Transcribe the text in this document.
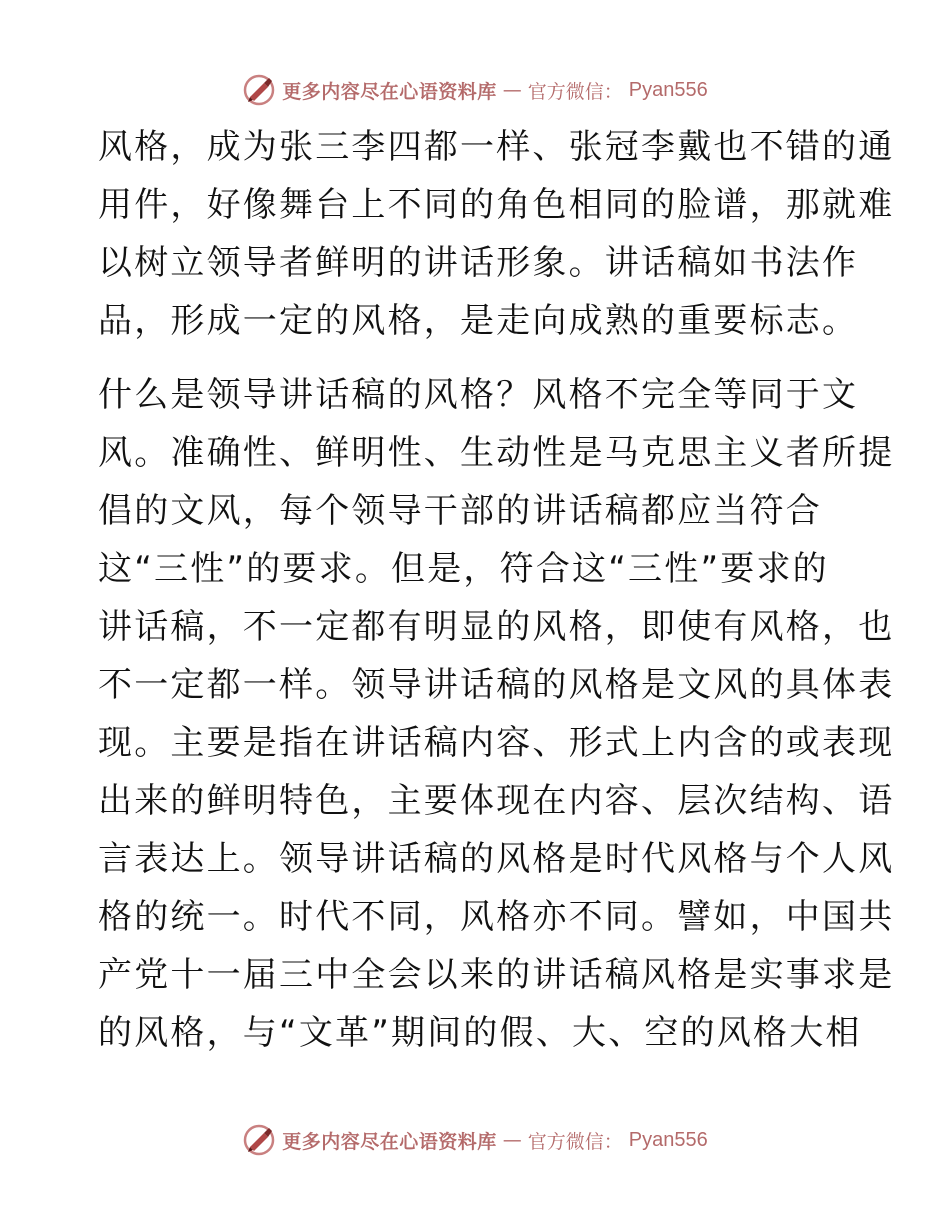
更多内容尽在心语资料库 — 官方微信： Pyan556
风格，成为张三李四都一样、张冠李戴也不错的通
用件，好像舞台上不同的角色相同的脸谱，那就难
以树立领导者鲜明的讲话形象。讲话稿如书法作
品，形成一定的风格，是走向成熟的重要标志。
什么是领导讲话稿的风格？风格不完全等同于文
风。准确性、鲜明性、生动性是马克思主义者所提
倡的文风，每个领导干部的讲话稿都应当符合
这“三性”的要求。但是，符合这“三性”要求的
讲话稿，不一定都有明显的风格，即使有风格，也
不一定都一样。领导讲话稿的风格是文风的具体表
现。主要是指在讲话稿内容、形式上内含的或表现
出来的鲜明特色，主要体现在内容、层次结构、语
言表达上。领导讲话稿的风格是时代风格与个人风
格的统一。时代不同，风格亦不同。譬如，中国共
产党十一届三中全会以来的讲话稿风格是实事求是
的风格，与“文革”期间的假、大、空的风格大相
更多内容尽在心语资料库 — 官方微信： Pyan556
